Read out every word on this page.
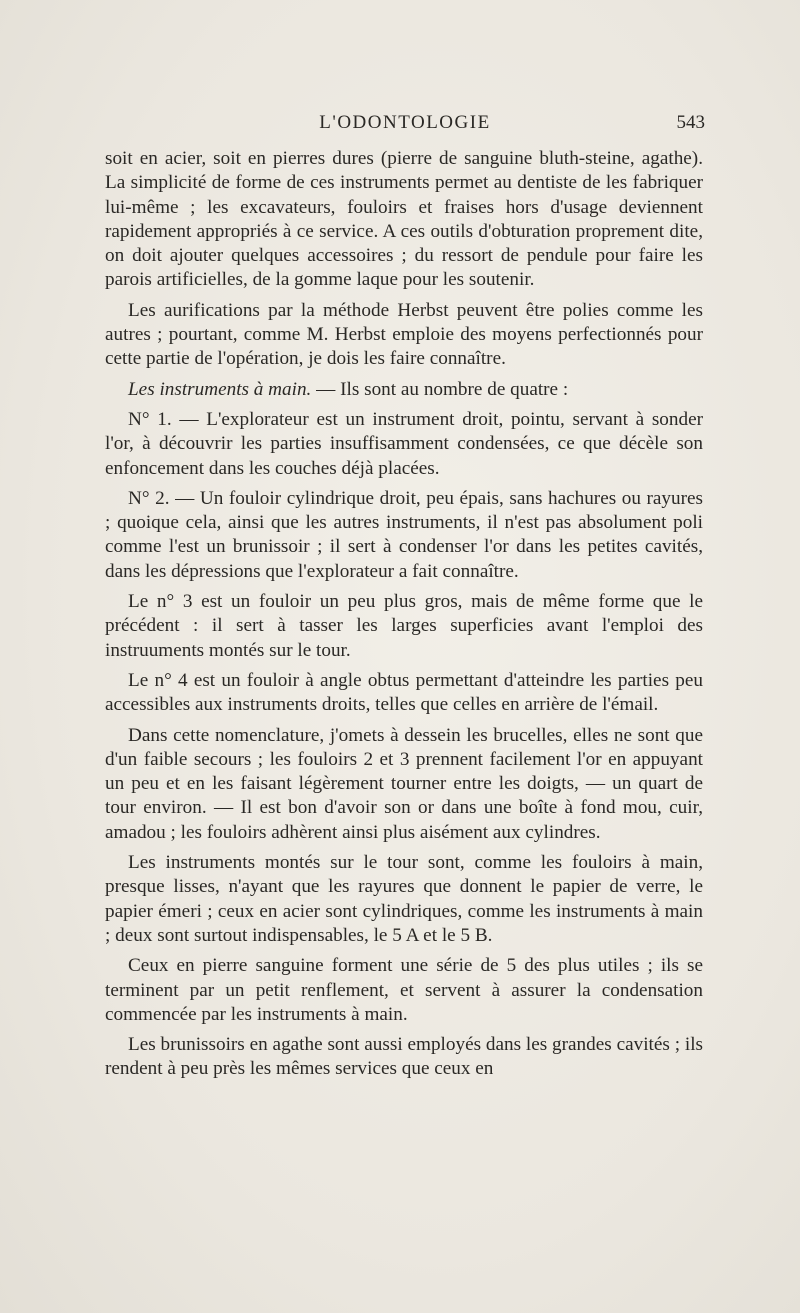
L'ODONTOLOGIE	543

soit en acier, soit en pierres dures (pierre de sanguine bluth-steine, agathe). La simplicité de forme de ces instruments permet au dentiste de les fabriquer lui-même ; les excavateurs, fouloirs et fraises hors d'usage deviennent rapidement appropriés à ce service. A ces outils d'obturation proprement dite, on doit ajouter quelques accessoires ; du ressort de pendule pour faire les parois artificielles, de la gomme laque pour les soutenir.

Les aurifications par la méthode Herbst peuvent être polies comme les autres ; pourtant, comme M. Herbst emploie des moyens perfectionnés pour cette partie de l'opération, je dois les faire connaître.

Les instruments à main. — Ils sont au nombre de quatre :

N° 1. — L'explorateur est un instrument droit, pointu, servant à sonder l'or, à découvrir les parties insuffisamment condensées, ce que décèle son enfoncement dans les couches déjà placées.

N° 2. — Un fouloir cylindrique droit, peu épais, sans hachures ou rayures ; quoique cela, ainsi que les autres instruments, il n'est pas absolument poli comme l'est un brunissoir ; il sert à condenser l'or dans les petites cavités, dans les dépressions que l'explorateur a fait connaître.

Le n° 3 est un fouloir un peu plus gros, mais de même forme que le précédent : il sert à tasser les larges superficies avant l'emploi des instruuments montés sur le tour.

Le n° 4 est un fouloir à angle obtus permettant d'atteindre les parties peu accessibles aux instruments droits, telles que celles en arrière de l'émail.

Dans cette nomenclature, j'omets à dessein les brucelles, elles ne sont que d'un faible secours ; les fouloirs 2 et 3 prennent facilement l'or en appuyant un peu et en les faisant légèrement tourner entre les doigts, — un quart de tour environ. — Il est bon d'avoir son or dans une boîte à fond mou, cuir, amadou ; les fouloirs adhèrent ainsi plus aisément aux cylindres.

Les instruments montés sur le tour sont, comme les fouloirs à main, presque lisses, n'ayant que les rayures que donnent le papier de verre, le papier émeri ; ceux en acier sont cylindriques, comme les instruments à main ; deux sont surtout indispensables, le 5 A et le 5 B.

Ceux en pierre sanguine forment une série de 5 des plus utiles ; ils se terminent par un petit renflement, et servent à assurer la condensation commencée par les instruments à main.

Les brunissoirs en agathe sont aussi employés dans les grandes cavités ; ils rendent à peu près les mêmes services que ceux en
